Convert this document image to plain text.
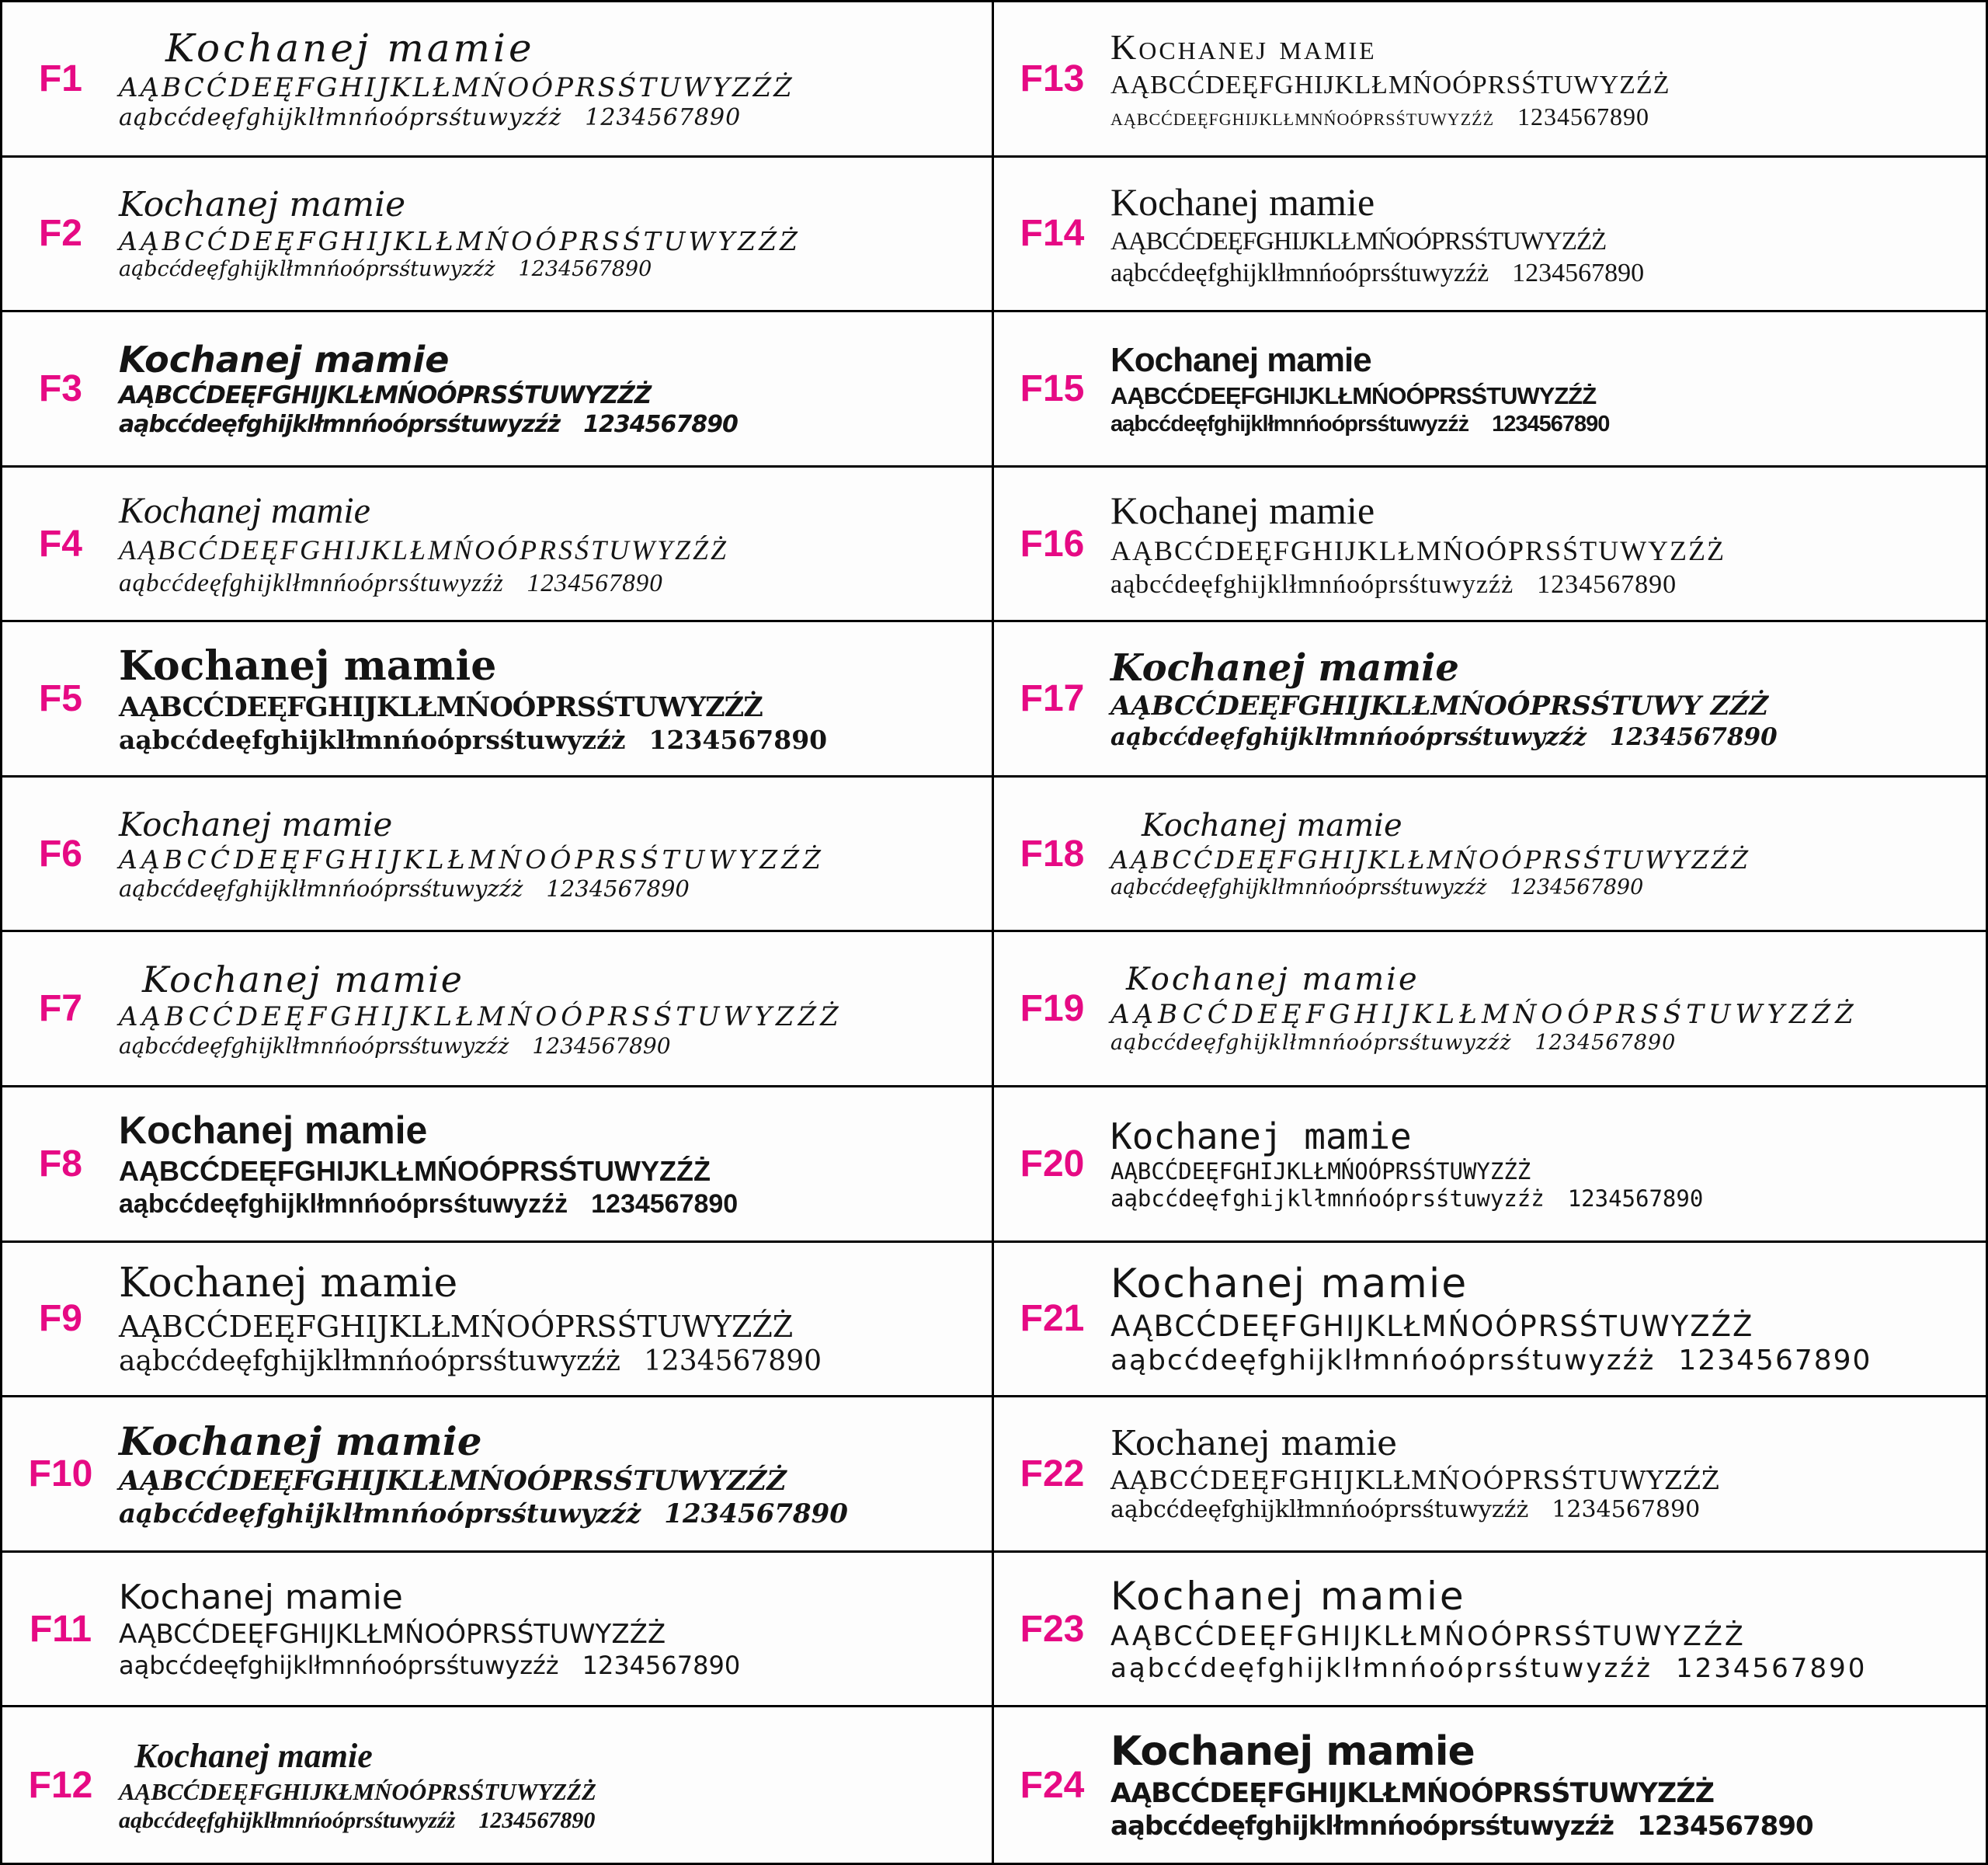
F1
Kochanej mamie
AĄBCĆDEĘFGHIJKLŁMŃOÓPRSŚTUWYZŹŻ
aąbcćdeęfghijklłmnńoóprsśtuwyzźż 1234567890
F2
Kochanej mamie
AĄBCĆDEĘFGHIJKLŁMŃOÓPRSŚTUWYZŹŻ
aąbcćdeęfghijklłmnńoóprsśtuwyzźż 1234567890
F3
Kochanej mamie
AĄBCĆDEĘFGHIJKLŁMŃOÓPRSŚTUWYZŹŻ
aąbcćdeęfghijklłmnńoóprsśtuwyzźż 1234567890
F4
Kochanej mamie
AĄBCĆDEĘFGHIJKLŁMŃOÓPRSŚTUWYZŹŻ
aąbcćdeęfghijklłmnńoóprsśtuwyzźż 1234567890
F5
Kochanej mamie
AĄBCĆDEĘFGHIJKLŁMŃOÓPRSŚTUWYZŹŻ
aąbcćdeęfghijklłmnńoóprsśtuwyzźż 1234567890
F6
Kochanej mamie
AĄBCĆDEĘFGHIJKLŁMŃOÓPRSŚTUWYZŹŻ
aąbcćdeęfghijklłmnńoóprsśtuwyzźż 1234567890
F7
Kochanej mamie
AĄBCĆDEĘFGHIJKLŁMŃOÓPRSŚTUWYZŹŻ
aąbcćdeęfghijklłmnńoóprsśtuwyzźż 1234567890
F8
Kochanej mamie
AĄBCĆDEĘFGHIJKLŁMŃOÓPRSŚTUWYZŹŻ
aąbcćdeęfghijklłmnńoóprsśtuwyzźż 1234567890
F9
Kochanej mamie
AĄBCĆDEĘFGHIJKLŁMŃOÓPRSŚTUWYZŹŻ
aąbcćdeęfghijklłmnńoóprsśtuwyzźż 1234567890
F10
Kochanej mamie
AĄBCĆDEĘFGHIJKLŁMŃOÓPRSŚTUWYZŹŻ
aąbcćdeęfghijklłmnńoóprsśtuwyzźż 1234567890
F11
Kochanej mamie
AĄBCĆDEĘFGHIJKLŁMŃOÓPRSŚTUWYZŹŻ
aąbcćdeęfghijklłmnńoóprsśtuwyzźż 1234567890
F12
Kochanej mamie
AĄBCĆDEĘFGHIJKŁMŃOÓPRSŚTUWYZŹŻ
aąbcćdeęfghijklłmnńoóprsśtuwyzźż 1234567890
F13
Kochanej mamie
AĄBCĆDEĘFGHIJKLŁMŃOÓPRSŚTUWYZŹŻ
aąbcćdeęfghijklłmnńoóprsśtuwyzźż 1234567890
F14
Kochanej mamie
AĄBCĆDEĘFGHIJKLŁMŃOÓPRSŚTUWYZŹŻ
aąbcćdeęfghijklłmnńoóprsśtuwyzźż 1234567890
F15
Kochanej mamie
AĄBCĆDEĘFGHIJKLŁMŃOÓPRSŚTUWYZŹŻ
aąbcćdeęfghijklłmnńoóprsśtuwyzźż 1234567890
F16
Kochanej mamie
AĄBCĆDEĘFGHIJKLŁMŃOÓPRSŚTUWYZŹŻ
aąbcćdeęfghijklłmnńoóprsśtuwyzźż 1234567890
F17
Kochanej mamie
AĄBCĆDEĘFGHIJKLŁMŃOÓPRSŚTUWY ZŹŻ
aąbcćdeęfghijklłmnńoóprsśtuwyzźż 1234567890
F18
Kochanej mamie
AĄBCĆDEĘFGHIJKLŁMŃOÓPRSŚTUWYZŹŻ
aąbcćdeęfghijklłmnńoóprsśtuwyzźż 1234567890
F19
Kochanej mamie
AĄBCĆDEĘFGHIJKLŁMŃOÓPRSŚTUWYZŹŻ
aąbcćdeęfghijklłmnńoóprsśtuwyzźż 1234567890
F20
Kochanej mamie
AĄBCĆDEĘFGHIJKLŁMŃOÓPRSŚTUWYZŹŻ
aąbcćdeęfghijklłmnńoóprsśtuwyzźż 1234567890
F21
Kochanej mamie
AĄBCĆDEĘFGHIJKLŁMŃOÓPRSŚTUWYZŹŻ
aąbcćdeęfghijklłmnńoóprsśtuwyzźż 1234567890
F22
Kochanej mamie
AĄBCĆDEĘFGHIJKLŁMŃOÓPRSŚTUWYZŹŻ
aąbcćdeęfghijklłmnńoóprsśtuwyzźż 1234567890
F23
Kochanej mamie
AĄBCĆDEĘFGHIJKLŁMŃOÓPRSŚTUWYZŹŻ
aąbcćdeęfghijklłmnńoóprsśtuwyzźż 1234567890
F24
Kochanej mamie
AĄBCĆDEĘFGHIJKLŁMŃOÓPRSŚTUWYZŹŻ
aąbcćdeęfghijklłmnńoóprsśtuwyzźż 1234567890
